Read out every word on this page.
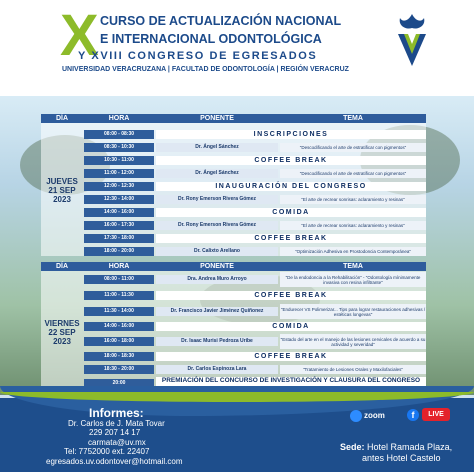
X CURSO DE ACTUALIZACIÓN NACIONAL
E INTERNACIONAL ODONTOLÓGICA
Y XVIII CONGRESO DE EGRESADOS
UNIVERSIDAD VERACRUZANA | FACULTAD DE ODONTOLOGÍA | REGIÓN VERACRUZ
DÍA	HORA	PONENTE	TEMA
JUEVES
21 SEP 2023
08:00 - 08:30	INSCRIPCIONES
08:30 - 10:30	Dr. Ángel Sánchez	"Descodificando el arte de estratificar con pigmentos"
10:30 - 11:00	COFFEE BREAK
11:00 - 12:00	Dr. Ángel Sánchez	"Descodificando el arte de estratificar con pigmentos"
12:00 - 12:30	INAUGURACIÓN DEL CONGRESO
12:30 - 14:00	Dr. Rony Emerson Rivera Gómez	"El arte de recrear sonrisas: aclaramiento y resinas"
14:00 - 16:00	COMIDA
16:00 - 17:30	Dr. Rony Emerson Rivera Gómez	"El arte de recrear sonrisas: aclaramiento y resinas"
17:30 - 18:00	COFFEE BREAK
18:00 - 20:00	Dr. Calixto Arellano	"Optimización Adhesiva en Prostodoncia Contemporánea"
DÍA	HORA	PONENTE	TEMA
VIERNES
22 SEP 2023
08:00 - 11:00	Dra. Andrea Muro Arroyo	"De la endodoncia a la Rehabilitación" - "Odontología mínimamente invasiva con resina infiltrante"
11:00 - 11:30	COFFEE BREAK
11:30 - 14:00	Dr. Francisco Javier Jiménez Quiñonez	"Endurecer VS Polimerizar... Tips para lograr restauraciones adhesivas / estéticas longevas"
14:00 - 16:00	COMIDA
16:00 - 18:00	Dr. Isaac Murisi Pedroza Uribe	"Estado del arte en el manejo de las lesiones cervicales de acuerdo a su actividad y severidad"
18:00 - 18:30	COFFEE BREAK
18:30 - 20:00	Dr. Carlos Espinoza Lara	"Tratamiento de Lesiones Orales y Maxilofaciales"
20:00	PREMIACIÓN DEL CONCURSO DE INVESTIGACIÓN Y CLAUSURA DEL CONGRESO
Informes:
Dr. Carlos de J. Mata Tovar
229 207 14 17
carmata@uv.mx
Tel: 7752000 ext. 22407
egresados.uv.odontover@hotmail.com
zoom	f	LIVE
Sede: Hotel Ramada Plaza,
antes Hotel Castelo
